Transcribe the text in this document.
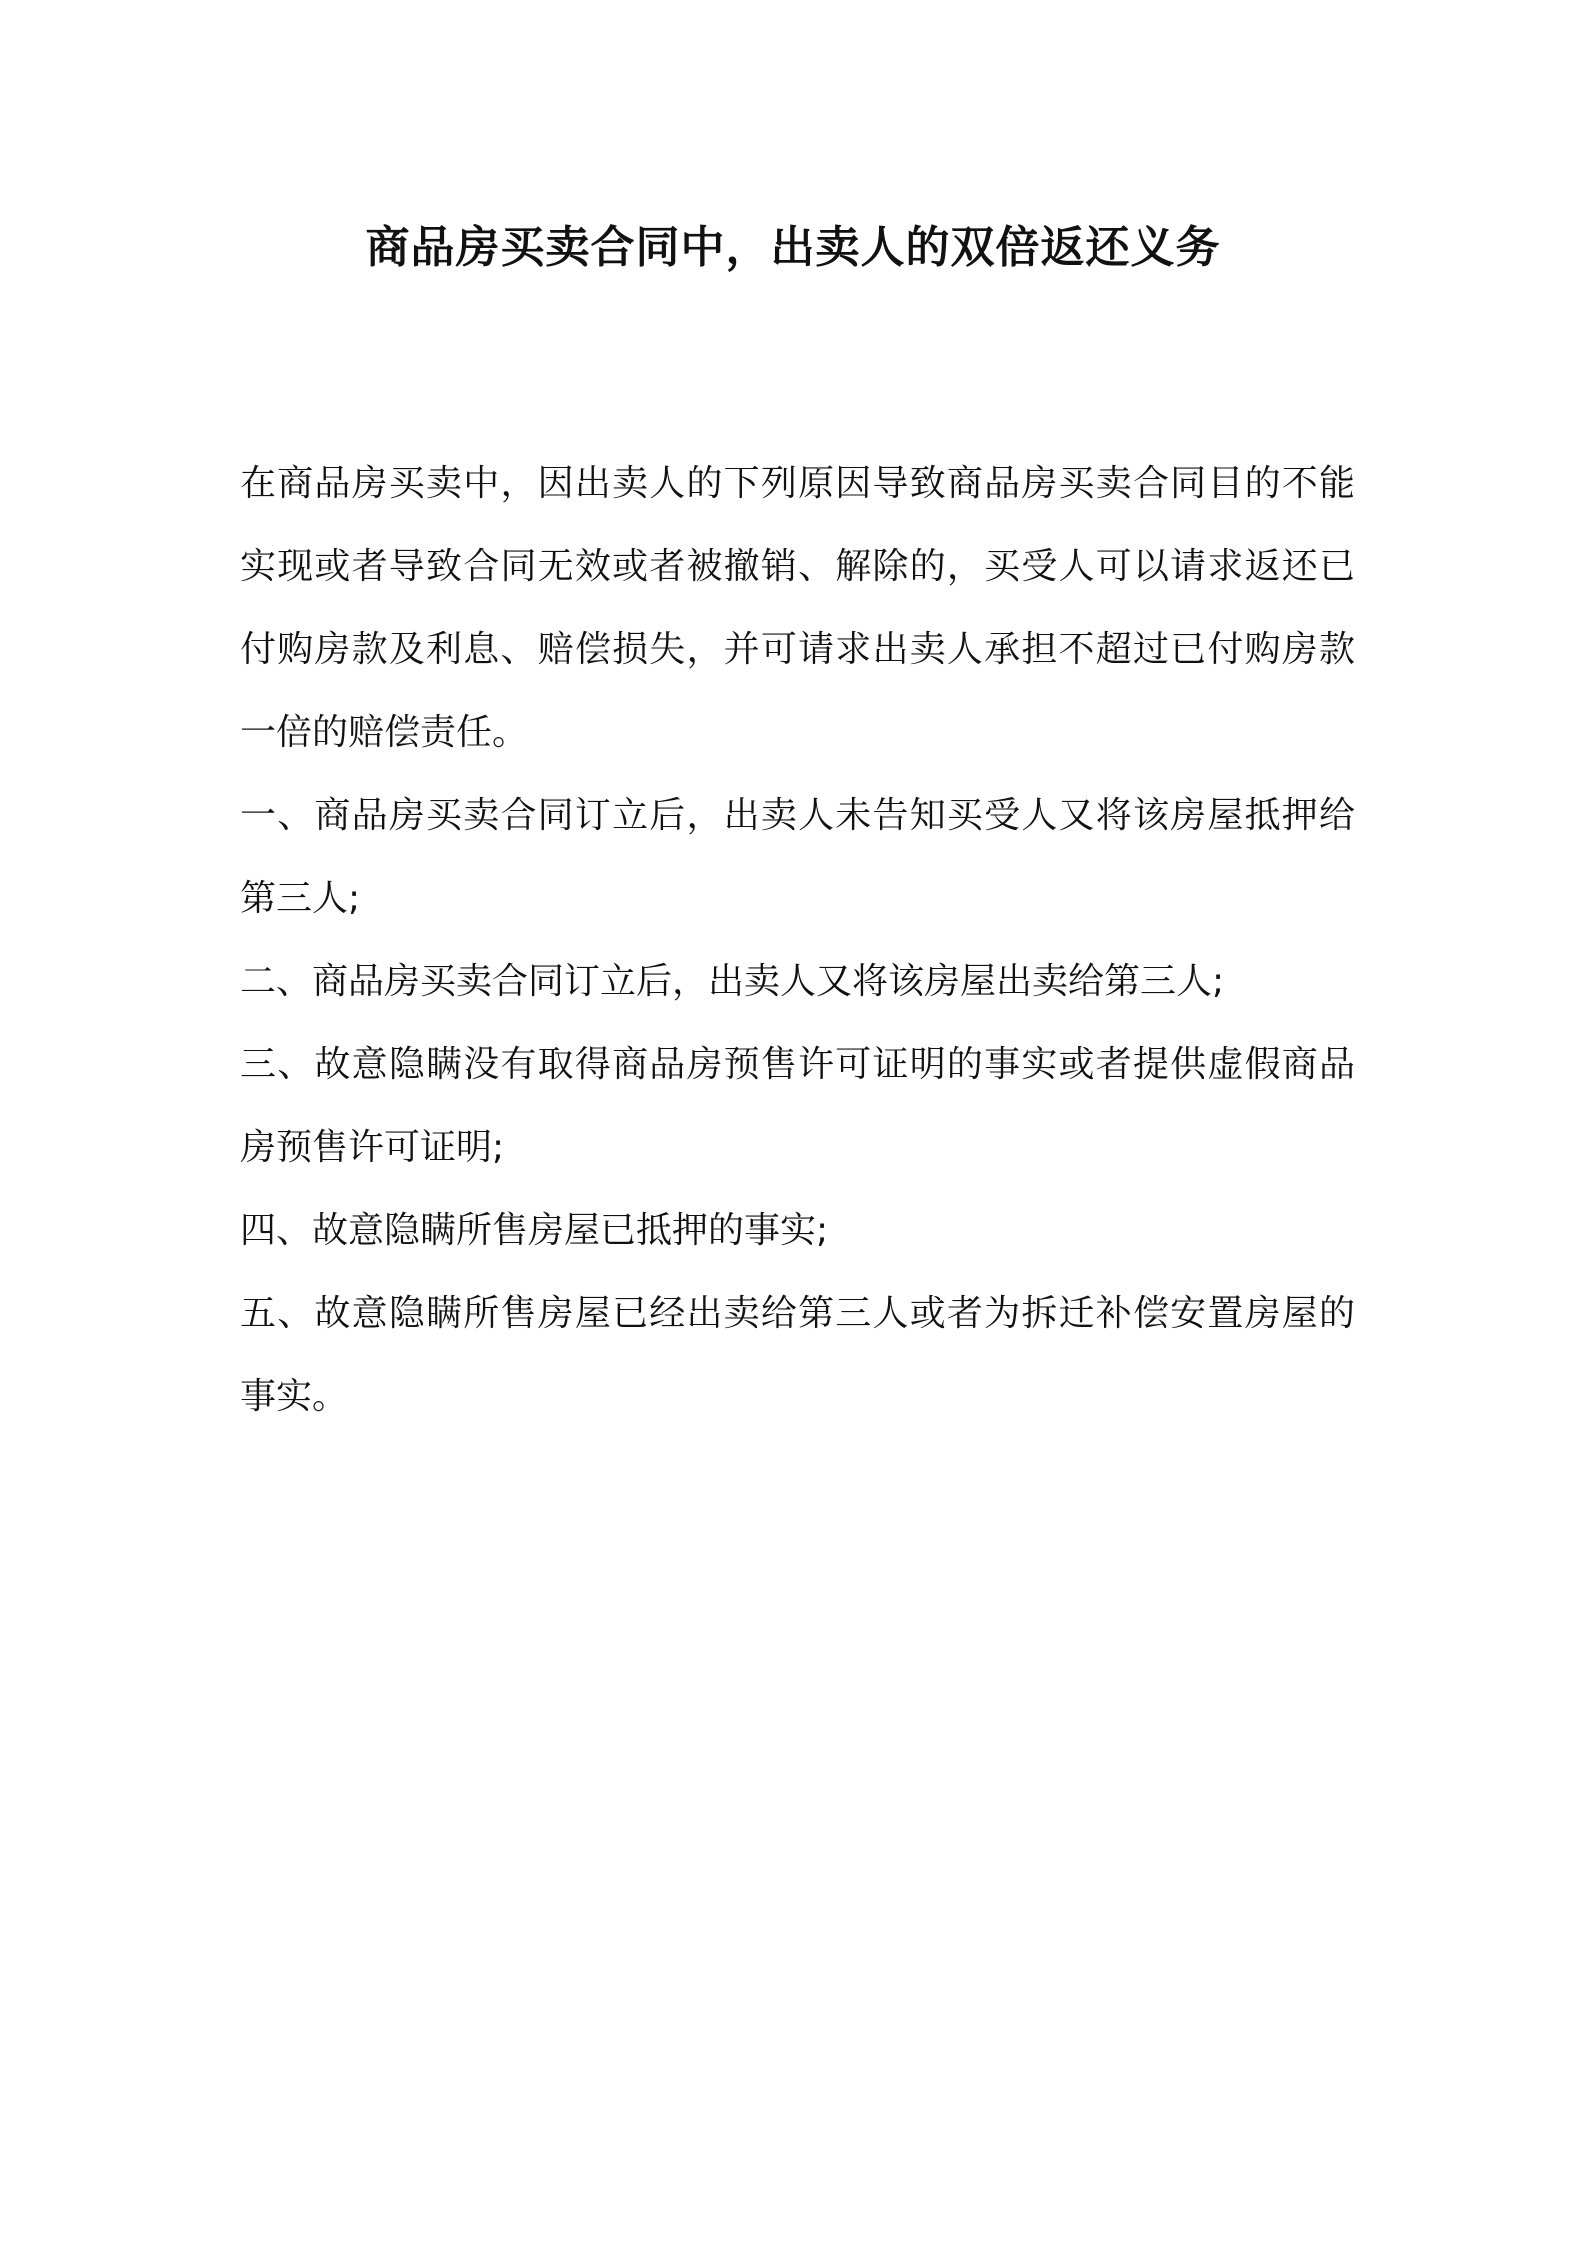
商品房买卖合同中，出卖人的双倍返还义务

在商品房买卖中，因出卖人的下列原因导致商品房买卖合同目的不能实现或者导致合同无效或者被撤销、解除的，买受人可以请求返还已付购房款及利息、赔偿损失，并可请求出卖人承担不超过已付购房款一倍的赔偿责任。

一、商品房买卖合同订立后，出卖人未告知买受人又将该房屋抵押给第三人;

二、商品房买卖合同订立后，出卖人又将该房屋出卖给第三人;

三、故意隐瞒没有取得商品房预售许可证明的事实或者提供虚假商品房预售许可证明;

四、故意隐瞒所售房屋已抵押的事实;

五、故意隐瞒所售房屋已经出卖给第三人或者为拆迁补偿安置房屋的事实。
